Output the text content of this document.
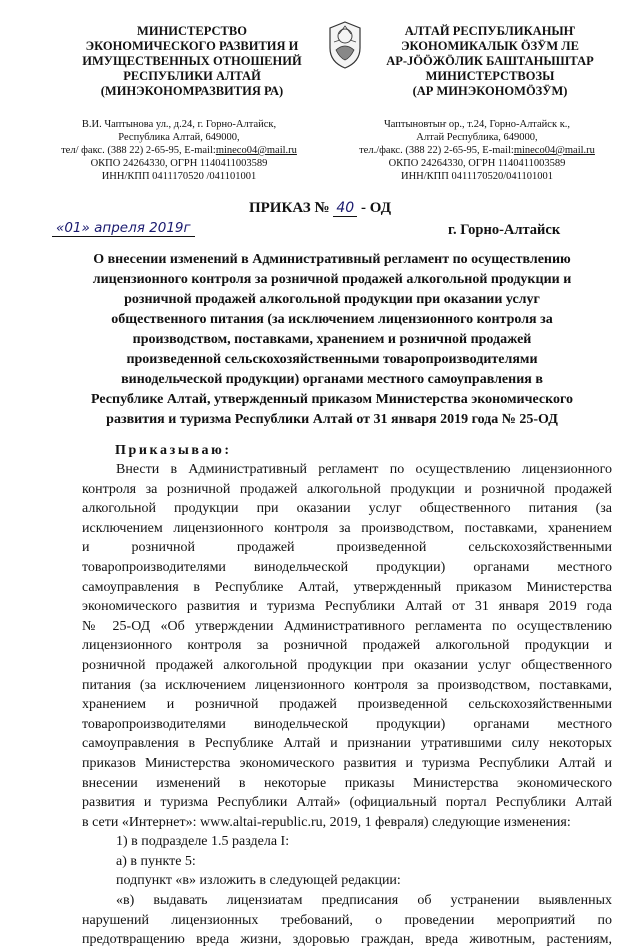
МИНИСТЕРСТВО
ЭКОНОМИЧЕСКОГО РАЗВИТИЯ И
ИМУЩЕСТВЕННЫХ ОТНОШЕНИЙ
РЕСПУБЛИКИ АЛТАЙ
(МИНЭКОНОМРАЗВИТИЯ РА)
АЛТАЙ РЕСПУБЛИКАНЫҤ
ЭКОНОМИКАЛЫК ӦЗӰМ ЛЕ
АР-JӦӦЖӦЛИК БАШТАНЫШТАР
МИНИСТЕРСТВОЗЫ
(АР МИНЭКОНОМӦЗӰМ)
В.И. Чаптынова ул., д.24, г. Горно-Алтайск,
Республика Алтай, 649000,
тел/ факс. (388 22) 2-65-95, E-mail:mineco04@mail.ru
ОКПО 24264330, ОГРН 1140411003589
ИНН/КПП 0411170520 /041101001
Чаптыновтыҥ ор., т.24, Горно-Алтайск к.,
Алтай Республика, 649000,
тел./факс. (388 22) 2-65-95, E-mail:mineco04@mail.ru
ОКПО 24264330, ОГРН 1140411003589
ИНН/КПП 0411170520/041101001
ПРИКАЗ № 40 - ОД
«01» апреля 2019г	г. Горно-Алтайск
О внесении изменений в Административный регламент по осуществлению
лицензионного контроля за розничной продажей алкогольной продукции и
розничной продажей алкогольной продукции при оказании услуг
общественного питания (за исключением лицензионного контроля за
производством, поставками, хранением и розничной продажей
произведенной сельскохозяйственными товаропроизводителями
винодельческой продукции) органами местного самоуправления в
Республике Алтай, утвержденный приказом Министерства экономического
развития и туризма Республики Алтай от 31 января 2019 года № 25-ОД
Приказываю:
Внести в Административный регламент по осуществлению лицензионного
контроля за розничной продажей алкогольной продукции и розничной продажей
алкогольной продукции при оказании услуг общественного питания (за
исключением лицензионного контроля за производством, поставками, хранением
и розничной продажей произведенной сельскохозяйственными
товаропроизводителями винодельческой продукции) органами местного
самоуправления в Республике Алтай, утвержденный приказом Министерства
экономического развития и туризма Республики Алтай от 31 января 2019 года
№ 25-ОД «Об утверждении Административного регламента по осуществлению
лицензионного контроля за розничной продажей алкогольной продукции и
розничной продажей алкогольной продукции при оказании услуг общественного
питания (за исключением лицензионного контроля за производством, поставками,
хранением и розничной продажей произведенной сельскохозяйственными
товаропроизводителями винодельческой продукции) органами местного
самоуправления в Республике Алтай и признании утратившими силу некоторых
приказов Министерства экономического развития и туризма Республики Алтай и
внесении изменений в некоторые приказы Министерства экономического
развития и туризма Республики Алтай» (официальный портал Республики Алтай
в сети «Интернет»: www.altai-republic.ru, 2019, 1 февраля) следующие изменения:
1) в подразделе 1.5 раздела I:
а) в пункте 5:
подпункт «в» изложить в следующей редакции:
«в) выдавать лицензиатам предписания об устранении выявленных
нарушений лицензионных требований, о проведении мероприятий по
предотвращению вреда жизни, здоровью граждан, вреда животным, растениям,
